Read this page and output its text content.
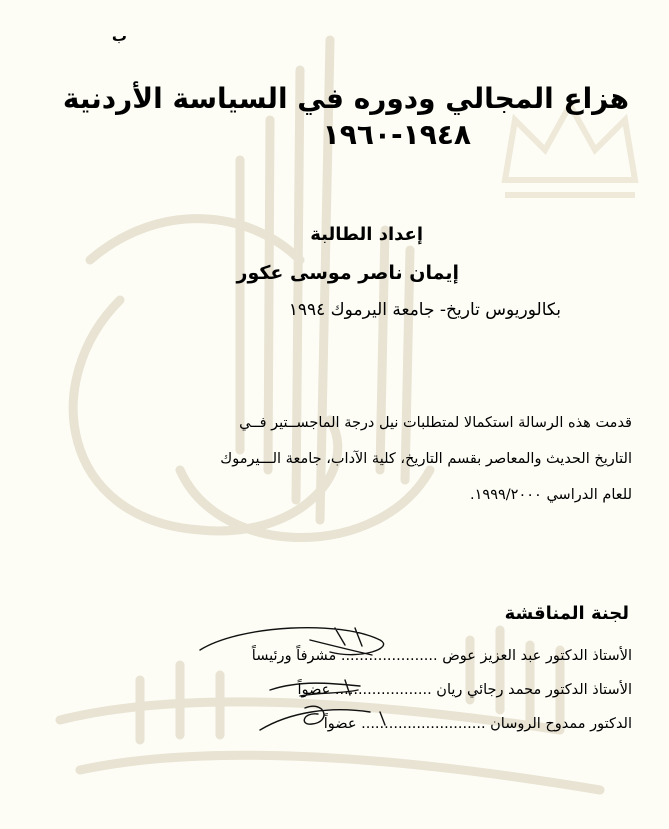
ب
هزاع المجالي ودوره في السياسة الأردنية
١٩٤٨-١٩٦٠
إعداد الطالبة
إيمان ناصر موسى عكور
بكالوريوس تاريخ- جامعة اليرموك ١٩٩٤

قدمت هذه الرسالة استكمالا لمتطلبات نيل درجة الماجســتير فــي
التاريخ الحديث والمعاصر بقسم التاريخ، كلية الآداب، جامعة الـــيرموك
للعام الدراسي ١٩٩٩/٢٠٠٠.

لجنة المناقشة
الأستاذ الدكتور عبد العزيز عوض ..................... مشرفاً ورئيساً
الأستاذ الدكتور محمد رجائي ريان ..................... عضواً
الدكتور ممدوح الروسان ........................... عضواً
